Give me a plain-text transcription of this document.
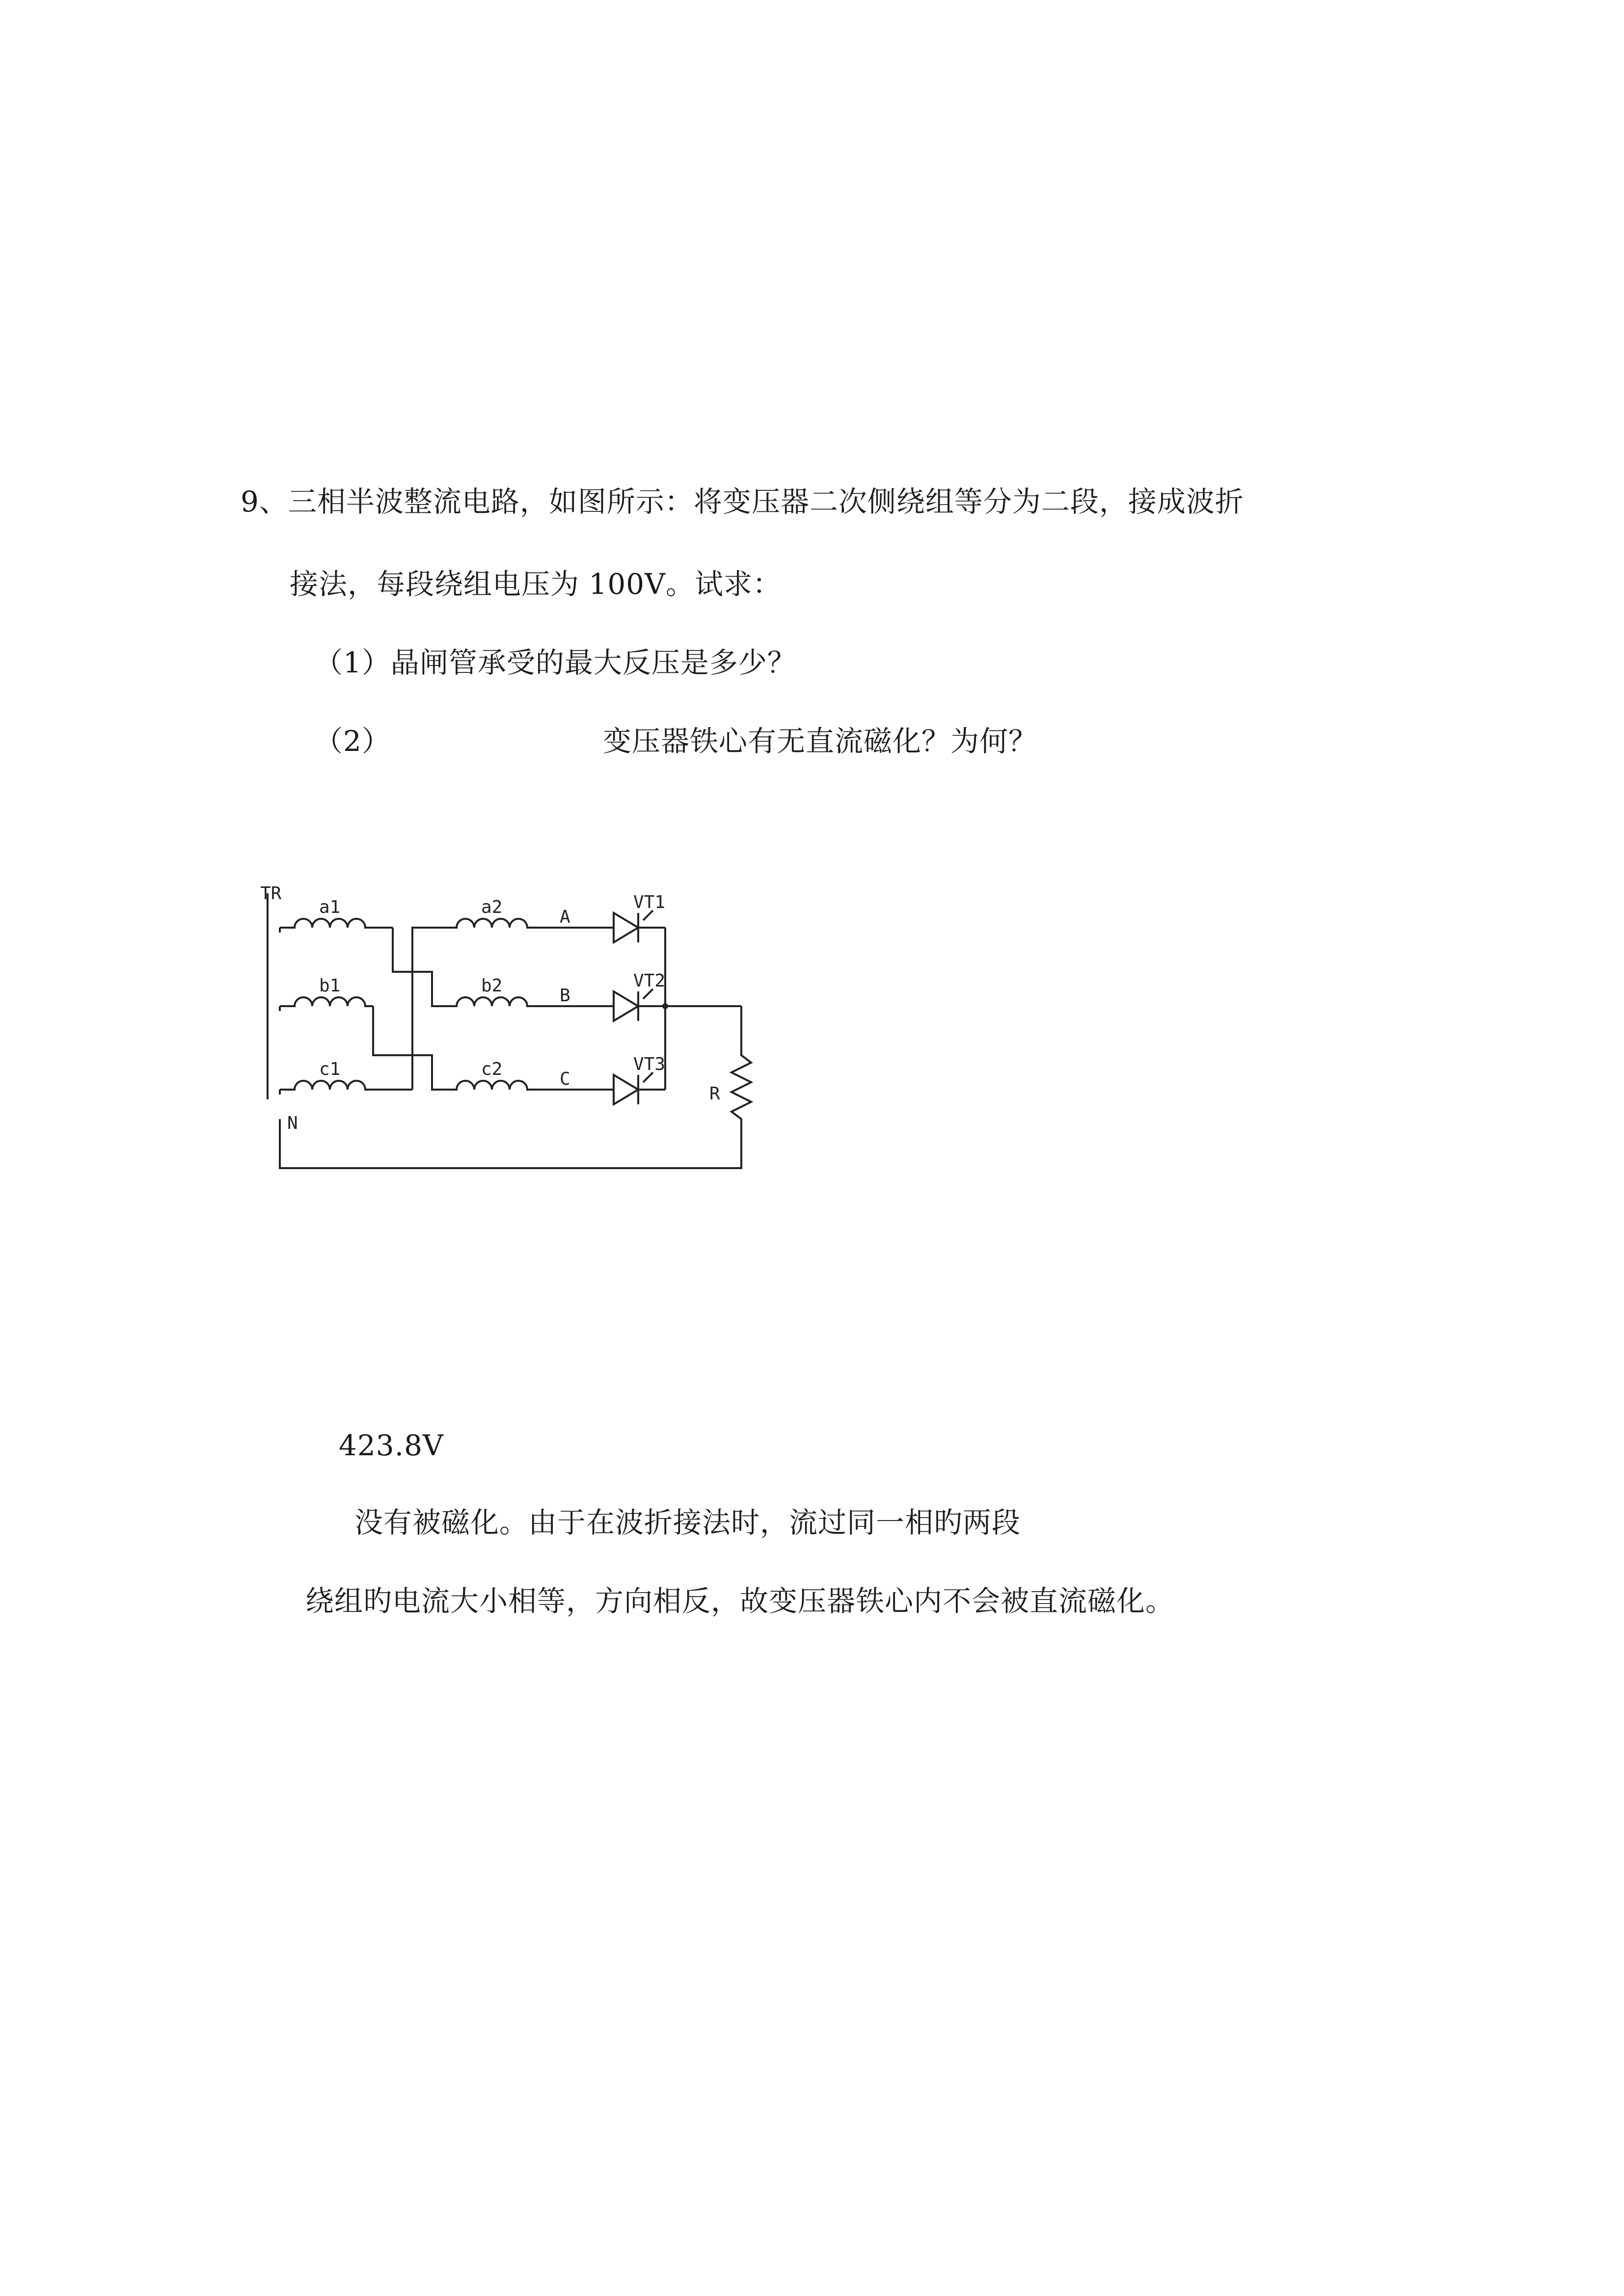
9、三相半波整流电路，如图所示：将变压器二次侧绕组等分为二段，接成波折
接法，每段绕组电压为 100V。试求：
（1）晶闸管承受的最大反压是多少？
（2）	变压器铁心有无直流磁化？为何？
TR
a1
b1
c1
a2
b2
c2
A
B
C
VT1
VT2
VT3
R
N
423.8V
没有被磁化。由于在波折接法时，流过同一相旳两段
绕组旳电流大小相等，方向相反，故变压器铁心内不会被直流磁化。
